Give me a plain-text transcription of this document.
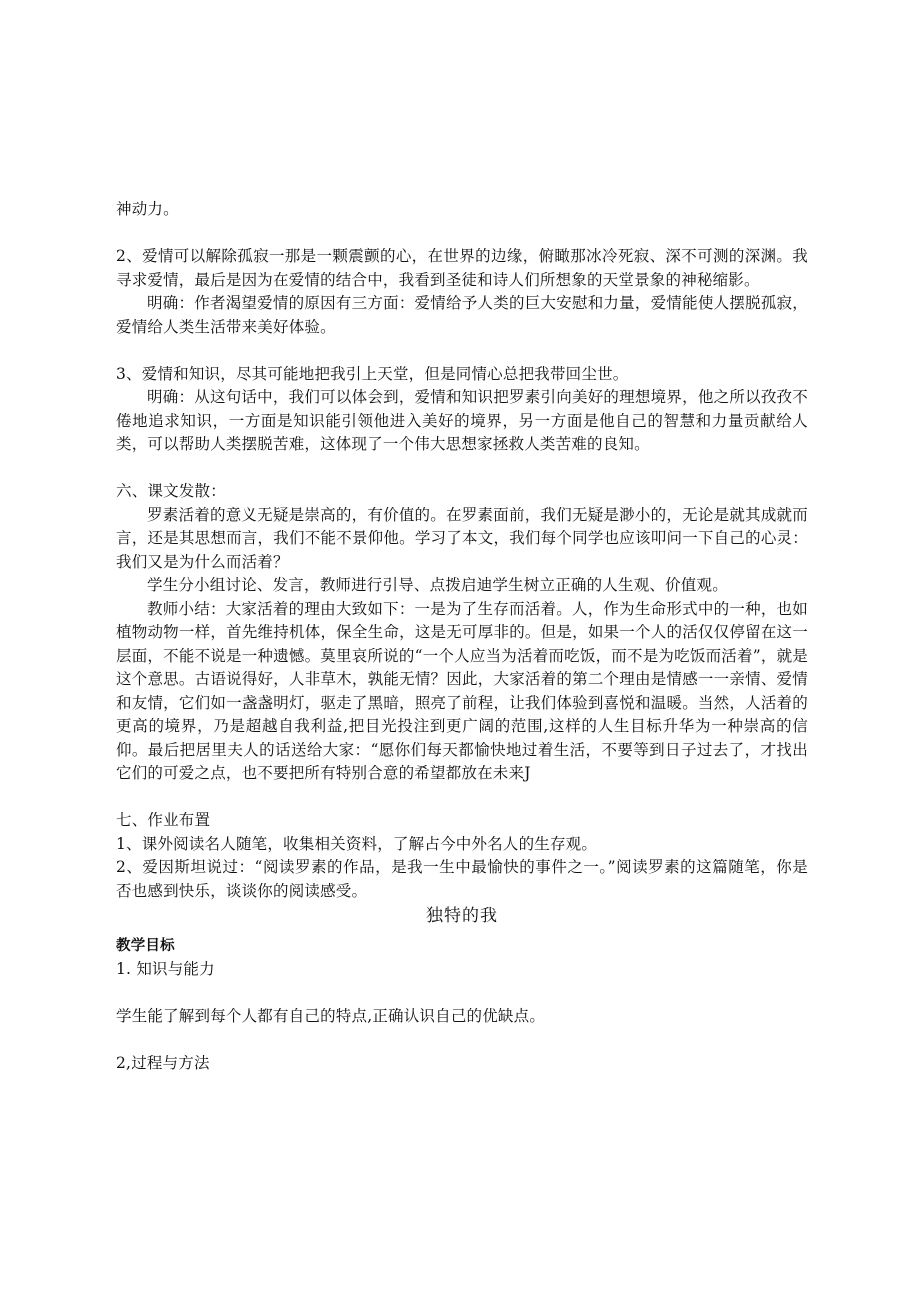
神动力。

2、爱情可以解除孤寂一那是一颗震颤的心，在世界的边缘，俯瞰那冰冷死寂、深不可测的深渊。我寻求爱情，最后是因为在爱情的结合中，我看到圣徒和诗人们所想象的天堂景象的神秘缩影。

明确：作者渴望爱情的原因有三方面：爱情给予人类的巨大安慰和力量，爱情能使人摆脱孤寂，爱情给人类生活带来美好体验。

3、爱情和知识，尽其可能地把我引上天堂，但是同情心总把我带回尘世。

明确：从这句话中，我们可以体会到，爱情和知识把罗素引向美好的理想境界，他之所以孜孜不倦地追求知识，一方面是知识能引领他进入美好的境界，另一方面是他自己的智慧和力量贡献给人类，可以帮助人类摆脱苦难，这体现了一个伟大思想家拯救人类苦难的良知。

六、课文发散：

罗素活着的意义无疑是崇高的，有价值的。在罗素面前，我们无疑是渺小的，无论是就其成就而言，还是其思想而言，我们不能不景仰他。学习了本文，我们每个同学也应该叩问一下自己的心灵：我们又是为什么而活着？

学生分小组讨论、发言，教师进行引导、点拨启迪学生树立正确的人生观、价值观。

教师小结：大家活着的理由大致如下：一是为了生存而活着。人，作为生命形式中的一种，也如植物动物一样，首先维持机体，保全生命，这是无可厚非的。但是，如果一个人的活仅仅停留在这一层面，不能不说是一种遗憾。莫里哀所说的“一个人应当为活着而吃饭，而不是为吃饭而活着”，就是这个意思。古语说得好，人非草木，孰能无情？因此，大家活着的第二个理由是情感一一亲情、爱情和友情，它们如一盏盏明灯，驱走了黑暗，照亮了前程，让我们体验到喜悦和温暖。当然，人活着的更高的境界，乃是超越自我利益,把目光投注到更广阔的范围,这样的人生目标升华为一种崇高的信仰。最后把居里夫人的话送给大家：“愿你们每天都愉快地过着生活，不要等到日子过去了，才找出它们的可爱之点，也不要把所有特别合意的希望都放在未来J

七、作业布置

1、课外阅读名人随笔，收集相关资料，了解占今中外名人的生存观。

2、爱因斯坦说过：“阅读罗素的作品，是我一生中最愉快的事件之一。”阅读罗素的这篇随笔，你是否也感到快乐，谈谈你的阅读感受。

独特的我

教学目标

1. 知识与能力

学生能了解到每个人都有自己的特点,正确认识自己的优缺点。

2,过程与方法
